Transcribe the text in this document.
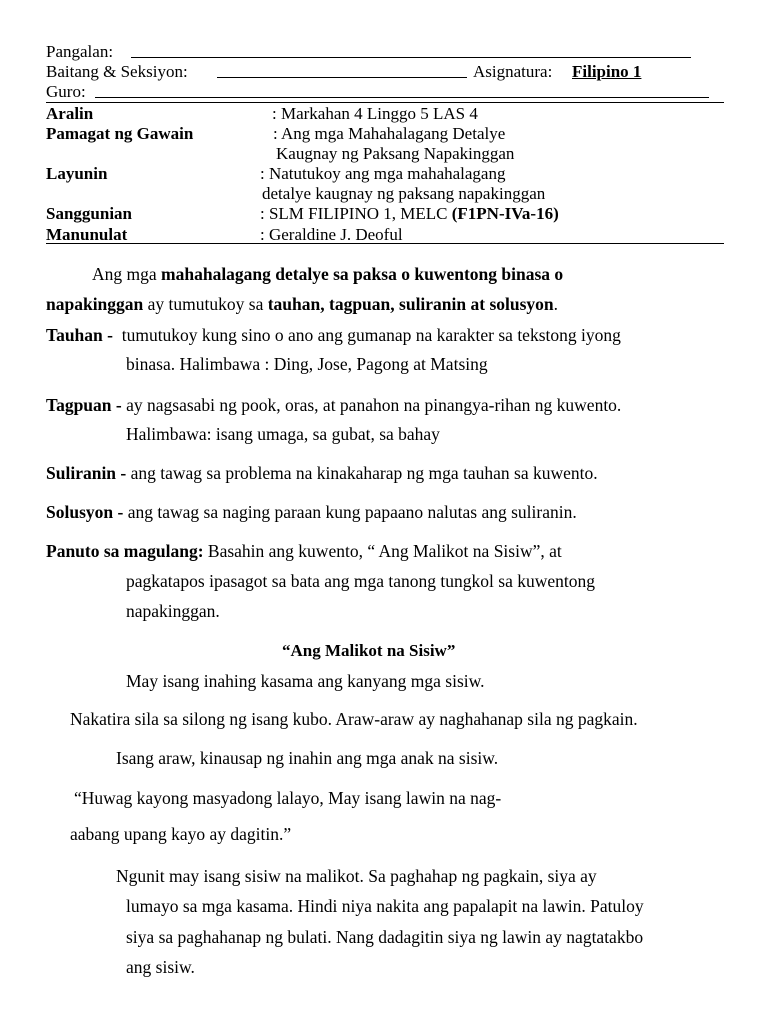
Pangalan:
Baitang & Seksiyon:	Asignatura: Filipino 1
Guro:
Aralin	: Markahan 4 Linggo 5 LAS 4
Pamagat ng Gawain	: Ang mga Mahahalagang Detalye
Kaugnay ng Paksang Napakinggan
Layunin	: Natutukoy ang mga mahahalagang
detalye kaugnay ng paksang napakinggan
Sanggunian	: SLM FILIPINO 1, MELC (F1PN-IVa-16)
Manunulat	: Geraldine J. Deoful
Ang mga mahahalagang detalye sa paksa o kuwentong binasa o
napakinggan ay tumutukoy sa tauhan, tagpuan, suliranin at solusyon.
Tauhan -  tumutukoy kung sino o ano ang gumanap na karakter sa tekstong iyong
binasa. Halimbawa : Ding, Jose, Pagong at Matsing
Tagpuan - ay nagsasabi ng pook, oras, at panahon na pinangya-rihan ng kuwento.
Halimbawa: isang umaga, sa gubat, sa bahay
Suliranin - ang tawag sa problema na kinakaharap ng mga tauhan sa kuwento.
Solusyon - ang tawag sa naging paraan kung papaano nalutas ang suliranin.
Panuto sa magulang: Basahin ang kuwento, “ Ang Malikot na Sisiw”, at
pagkatapos ipasagot sa bata ang mga tanong tungkol sa kuwentong
napakinggan.
“Ang Malikot na Sisiw”
May isang inahing kasama ang kanyang mga sisiw.
Nakatira sila sa silong ng isang kubo. Araw-araw ay naghahanap sila ng pagkain.
Isang araw, kinausap ng inahin ang mga anak na sisiw.
“Huwag kayong masyadong lalayo, May isang lawin na nag-
aabang upang kayo ay dagitin.”
Ngunit may isang sisiw na malikot. Sa paghahap ng pagkain, siya ay
lumayo sa mga kasama. Hindi niya nakita ang papalapit na lawin. Patuloy
siya sa paghahanap ng bulati. Nang dadagitin siya ng lawin ay nagtatakbo
ang sisiw.
